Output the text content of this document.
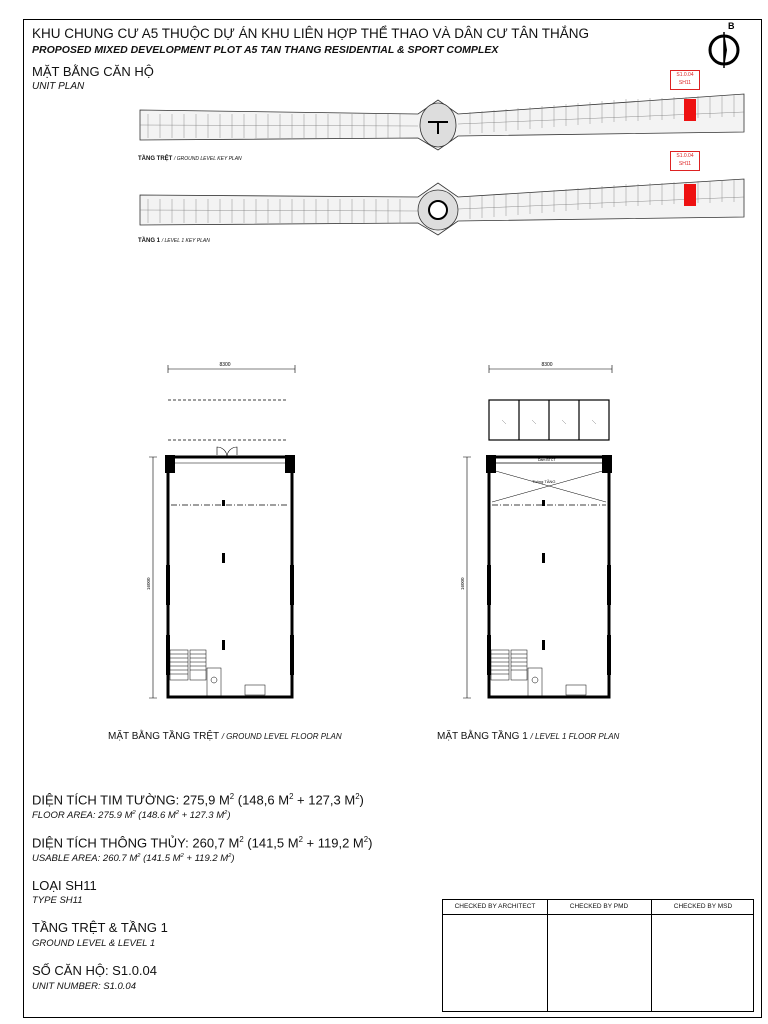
KHU CHUNG CƯ A5 THUỘC DỰ ÁN KHU LIÊN HỢP THỂ THAO VÀ DÂN CƯ TÂN THẮNG
PROPOSED MIXED DEVELOPMENT PLOT A5 TAN THANG RESIDENTIAL & SPORT COMPLEX
MẶT BẰNG CĂN HỘ
UNIT PLAN
B
S1.0.04
SH11
TẦNG TRỆT / GROUND LEVEL KEY PLAN	S1.0.04
SH11
TẦNG 1 / LEVEL 1 KEY PLAN
8300
16000
MẶT BẰNG TẦNG TRỆT / GROUND LEVEL FLOOR PLAN
8300
16000
Dầm BTCT
Thông TẦNG
MẶT BẰNG TẦNG 1 / LEVEL 1 FLOOR PLAN
DIỆN TÍCH TIM TƯỜNG: 275,9 $M^2$ (148,6 $M^2 + 127,3$ $M^2$)
FLOOR AREA: 275.9 $M^2$ (148.6 $M^2 + 127.3$ $M^2$)
DIỆN TÍCH THÔNG THỦY: 260,7 $M^2$ (141,5 $M^2 + 119,2$ $M^2$)
USABLE AREA: 260.7 $M^2$ (141.5 $M^2 + 119.2$ $M^2$)
LOẠI SH11
TYPE SH11
TẦNG TRỆT & TẦNG 1
GROUND LEVEL & LEVEL 1
SỐ CĂN HỘ: S1.0.04
UNIT NUMBER: S1.0.04
CHECKED BY ARCHITECT	CHECKED BY PMD	CHECKED BY MSD
